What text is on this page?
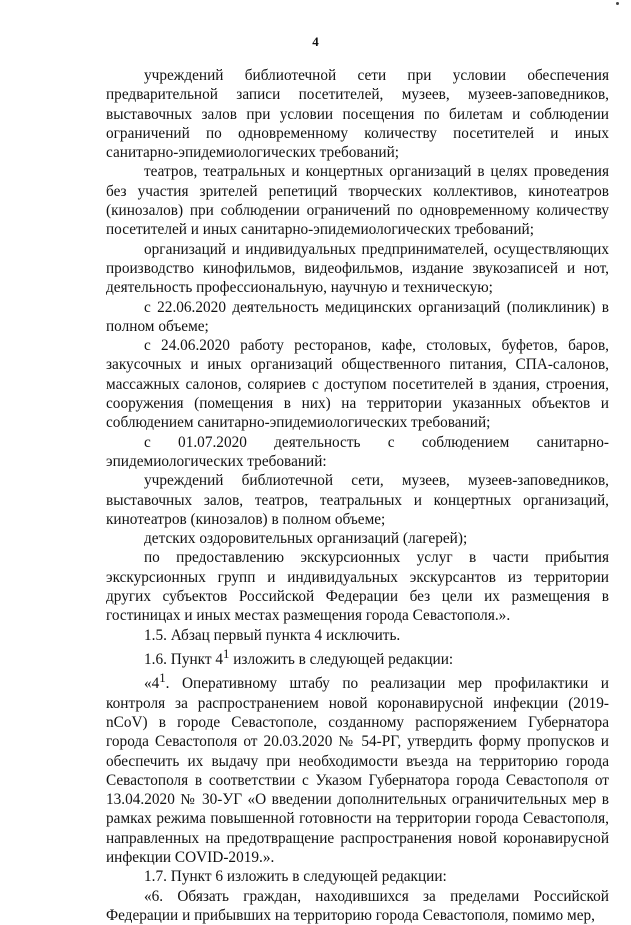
4

учреждений библиотечной сети при условии обеспечения предварительной записи посетителей, музеев, музеев-заповедников, выставочных залов при условии посещения по билетам и соблюдении ограничений по одновременному количеству посетителей и иных санитарно-эпидемиологических требований;

театров, театральных и концертных организаций в целях проведения без участия зрителей репетиций творческих коллективов, кинотеатров (кинозалов) при соблюдении ограничений по одновременному количеству посетителей и иных санитарно-эпидемиологических требований;

организаций и индивидуальных предпринимателей, осуществляющих производство кинофильмов, видеофильмов, издание звукозаписей и нот, деятельность профессиональную, научную и техническую;

с 22.06.2020 деятельность медицинских организаций (поликлиник) в полном объеме;

с 24.06.2020 работу ресторанов, кафе, столовых, буфетов, баров, закусочных и иных организаций общественного питания, СПА-салонов, массажных салонов, соляриев с доступом посетителей в здания, строения, сооружения (помещения в них) на территории указанных объектов и соблюдением санитарно-эпидемиологических требований;

с 01.07.2020 деятельность с соблюдением санитарно-эпидемиологических требований:

учреждений библиотечной сети, музеев, музеев-заповедников, выставочных залов, театров, театральных и концертных организаций, кинотеатров (кинозалов) в полном объеме;

детских оздоровительных организаций (лагерей);

по предоставлению экскурсионных услуг в части прибытия экскурсионных групп и индивидуальных экскурсантов из территории других субъектов Российской Федерации без цели их размещения в гостиницах и иных местах размещения города Севастополя.».

1.5. Абзац первый пункта 4 исключить.

1.6. Пункт $4^1$ изложить в следующей редакции:

«$4^1$. Оперативному штабу по реализации мер профилактики и контроля за распространением новой коронавирусной инфекции (2019-nCoV) в городе Севастополе, созданному распоряжением Губернатора города Севастополя от 20.03.2020 № 54-РГ, утвердить форму пропусков и обеспечить их выдачу при необходимости въезда на территорию города Севастополя в соответствии с Указом Губернатора города Севастополя от 13.04.2020 № 30-УГ «О введении дополнительных ограничительных мер в рамках режима повышенной готовности на территории города Севастополя, направленных на предотвращение распространения новой коронавирусной инфекции COVID-2019.».

1.7. Пункт 6 изложить в следующей редакции:

«6. Обязать граждан, находившихся за пределами Российской Федерации и прибывших на территорию города Севастополя, помимо мер,
